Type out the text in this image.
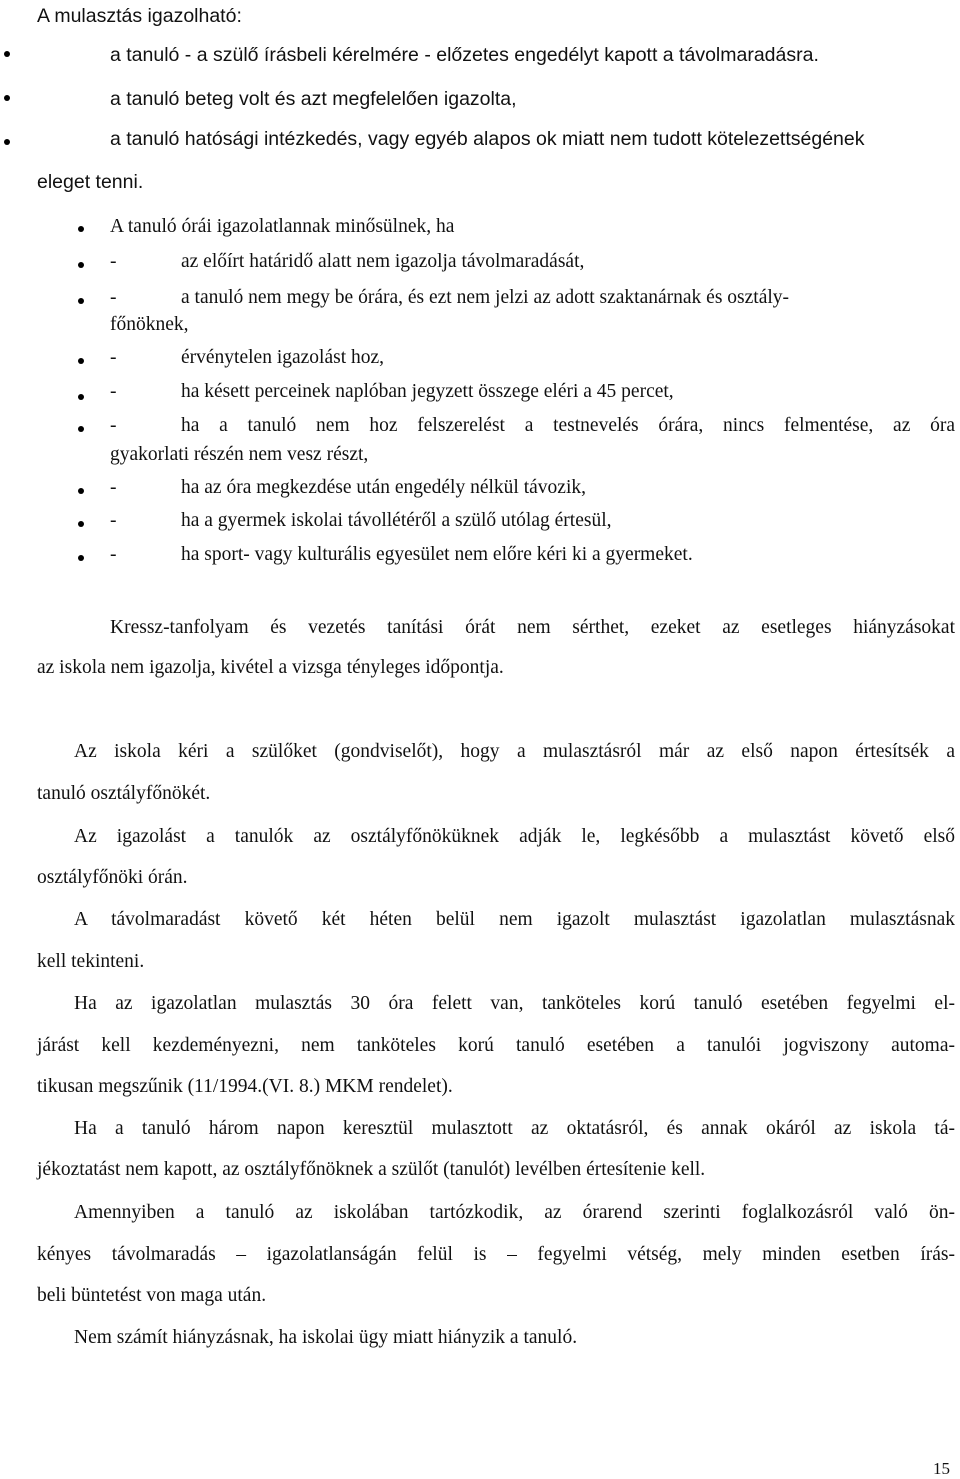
A mulasztás igazolható:
a tanuló - a szülő írásbeli kérelmére - előzetes engedélyt kapott a távolmaradásra.
a tanuló beteg volt és azt megfelelően igazolta,
a tanuló hatósági intézkedés, vagy egyéb alapos ok miatt nem tudott kötelezettségének
eleget tenni.
A tanuló órái igazolatlannak minősülnek, ha
-	az előírt határidő alatt nem igazolja távolmaradását,
-	a tanuló nem megy be órára, és ezt nem jelzi az adott szaktanárnak és osztály-
főnöknek,
-	érvénytelen igazolást hoz,
-	ha késett perceinek naplóban jegyzett összege eléri a 45 percet,
-	ha a tanuló nem hoz felszerelést a testnevelés órára, nincs felmentése, az óra
gyakorlati részén nem vesz részt,
-	ha az óra megkezdése után engedély nélkül távozik,
-	ha a gyermek iskolai távollétéről a szülő utólag értesül,
-	ha sport- vagy kulturális egyesület nem előre kéri ki a gyermeket.
Kressz-tanfolyam és vezetés tanítási órát nem sérthet, ezeket az esetleges hiányzásokat
az iskola nem igazolja, kivétel a vizsga tényleges időpontja.
Az iskola kéri a szülőket (gondviselőt), hogy a mulasztásról már az első napon értesítsék a
tanuló osztályfőnökét.
Az igazolást a tanulók az osztályfőnöküknek adják le, legkésőbb a mulasztást követő első
osztályfőnöki órán.
A távolmaradást követő két héten belül nem igazolt mulasztást igazolatlan mulasztásnak
kell tekinteni.
Ha az igazolatlan mulasztás 30 óra felett van, tanköteles korú tanuló esetében fegyelmi el-
járást kell kezdeményezni, nem tanköteles korú tanuló esetében a tanulói jogviszony automa-
tikusan megszűnik (11/1994.(VI. 8.) MKM rendelet).
Ha a tanuló három napon keresztül mulasztott az oktatásról, és annak okáról az iskola tá-
jékoztatást nem kapott, az osztályfőnöknek a szülőt (tanulót) levélben értesítenie kell.
Amennyiben a tanuló az iskolában tartózkodik, az órarend szerinti foglalkozásról való ön-
kényes távolmaradás – igazolatlanságán felül is – fegyelmi vétség, mely minden esetben írás-
beli büntetést von maga után.
Nem számít hiányzásnak, ha iskolai ügy miatt hiányzik a tanuló.
15
